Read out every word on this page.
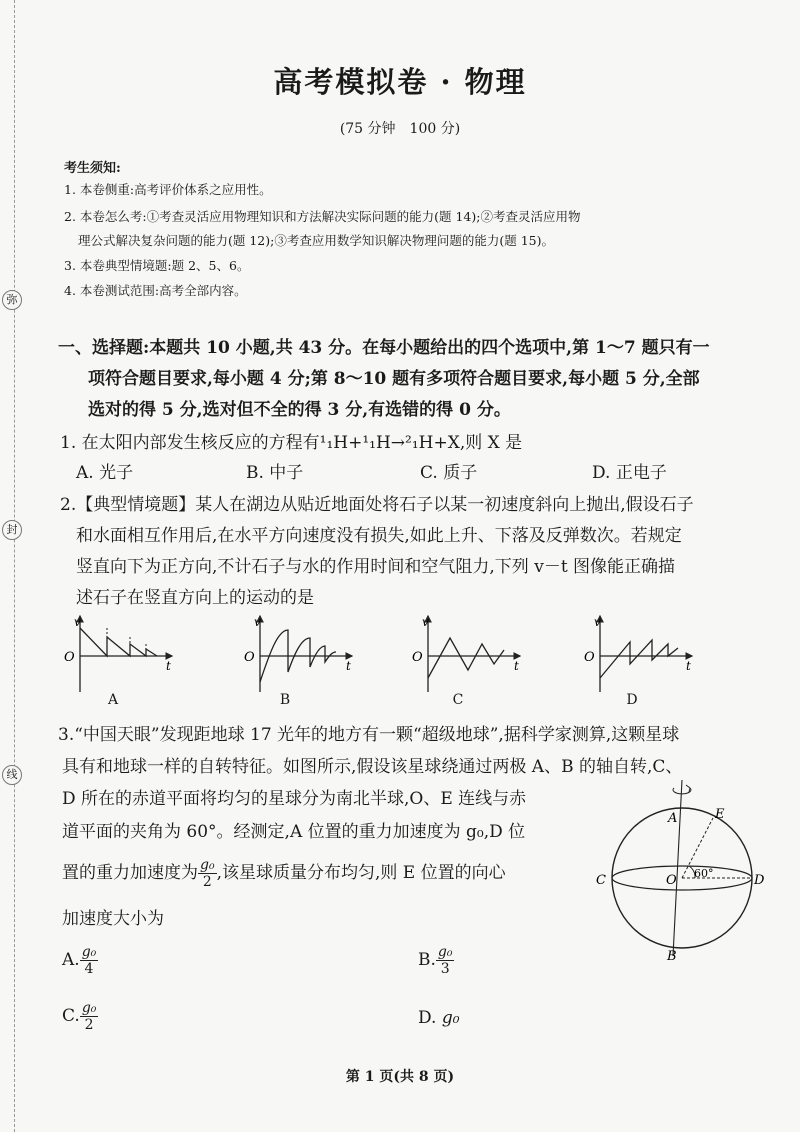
弥
封
线
高考模拟卷 · 物理
(75 分钟　100 分)
考生须知:
1. 本卷侧重:高考评价体系之应用性。
2. 本卷怎么考:①考查灵活应用物理知识和方法解决实际问题的能力(题 14);②考查灵活应用物
理公式解决复杂问题的能力(题 12);③考查应用数学知识解决物理问题的能力(题 15)。
3. 本卷典型情境题:题 2、5、6。
4. 本卷测试范围:高考全部内容。
一、选择题:本题共 10 小题,共 43 分。在每小题给出的四个选项中,第 1～7 题只有一
项符合题目要求,每小题 4 分;第 8～10 题有多项符合题目要求,每小题 5 分,全部
选对的得 5 分,选对但不全的得 3 分,有选错的得 0 分。
1. 在太阳内部发生核反应的方程有¹₁H+¹₁H→²₁H+X,则 X 是
A. 光子	B. 中子	C. 质子	D. 正电子
2.【典型情境题】某人在湖边从贴近地面处将石子以某一初速度斜向上抛出,假设石子
和水面相互作用后,在水平方向速度没有损失,如此上升、下落及反弹数次。若规定
竖直向下为正方向,不计石子与水的作用时间和空气阻力,下列 v－t 图像能正确描
述石子在竖直方向上的运动的是
v
O
t
v
O
t
v
O
t
v
O
t
A	B	C	D
3.“中国天眼”发现距地球 17 光年的地方有一颗“超级地球”,据科学家测算,这颗星球
具有和地球一样的自转特征。如图所示,假设该星球绕通过两极 A、B 的轴自转,C、
D 所在的赤道平面将均匀的星球分为南北半球,O、E 连线与赤
道平面的夹角为 60°。经测定,A 位置的重力加速度为 g₀,D 位
置的重力加速度为 $\frac{\text{g₀}}{2}$ ,该星球质量分布均匀,则 E 位置的向心
加速度大小为
A	E
C	O 60°	D
B
A. $\frac{\text{g₀}}{4}$	B. $\frac{\text{g₀}}{3}$
C. $\frac{\text{g₀}}{2}$	D. g₀
第 1 页(共 8 页)
